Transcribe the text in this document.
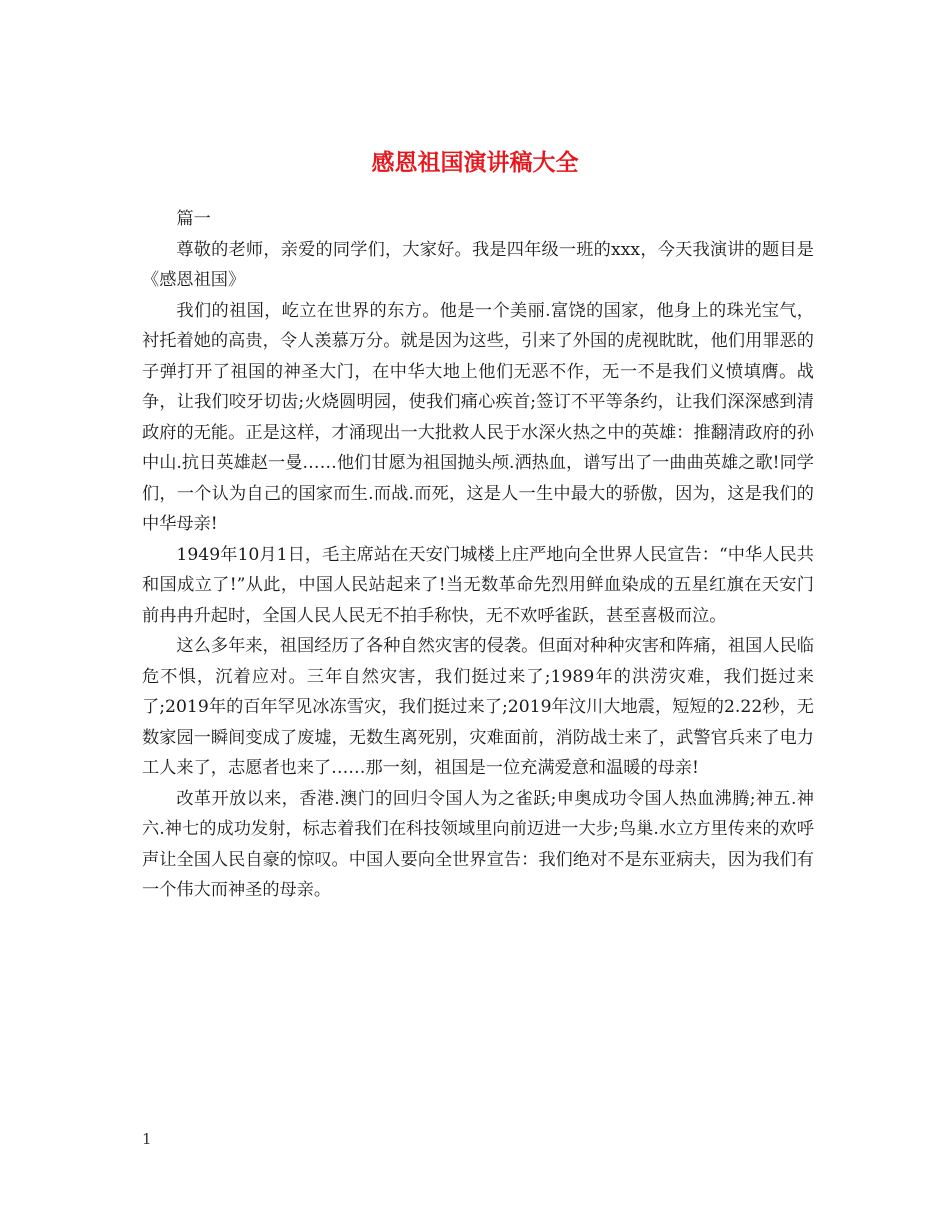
感恩祖国演讲稿大全

篇一

尊敬的老师，亲爱的同学们，大家好。我是四年级一班的xxx，今天我演讲的题目是《感恩祖国》

我们的祖国，屹立在世界的东方。他是一个美丽.富饶的国家，他身上的珠光宝气，衬托着她的高贵，令人羡慕万分。就是因为这些，引来了外国的虎视眈眈，他们用罪恶的子弹打开了祖国的神圣大门，在中华大地上他们无恶不作，无一不是我们义愤填膺。战争，让我们咬牙切齿;火烧圆明园，使我们痛心疾首;签订不平等条约，让我们深深感到清政府的无能。正是这样，才涌现出一大批救人民于水深火热之中的英雄：推翻清政府的孙中山.抗日英雄赵一曼……他们甘愿为祖国抛头颅.洒热血，谱写出了一曲曲英雄之歌!同学们，一个认为自己的国家而生.而战.而死，这是人一生中最大的骄傲，因为，这是我们的中华母亲!

1949年10月1日，毛主席站在天安门城楼上庄严地向全世界人民宣告：“中华人民共和国成立了!”从此，中国人民站起来了!当无数革命先烈用鲜血染成的五星红旗在天安门前冉冉升起时，全国人民人民无不拍手称快，无不欢呼雀跃，甚至喜极而泣。

这么多年来，祖国经历了各种自然灾害的侵袭。但面对种种灾害和阵痛，祖国人民临危不惧，沉着应对。三年自然灾害，我们挺过来了;1989年的洪涝灾难，我们挺过来了;2019年的百年罕见冰冻雪灾，我们挺过来了;2019年汶川大地震，短短的2.22秒，无数家园一瞬间变成了废墟，无数生离死别，灾难面前，消防战士来了，武警官兵来了电力工人来了，志愿者也来了……那一刻，祖国是一位充满爱意和温暖的母亲!

改革开放以来，香港.澳门的回归令国人为之雀跃;申奥成功令国人热血沸腾;神五.神六.神七的成功发射，标志着我们在科技领域里向前迈进一大步;鸟巢.水立方里传来的欢呼声让全国人民自豪的惊叹。中国人要向全世界宣告：我们绝对不是东亚病夫，因为我们有一个伟大而神圣的母亲。

1
